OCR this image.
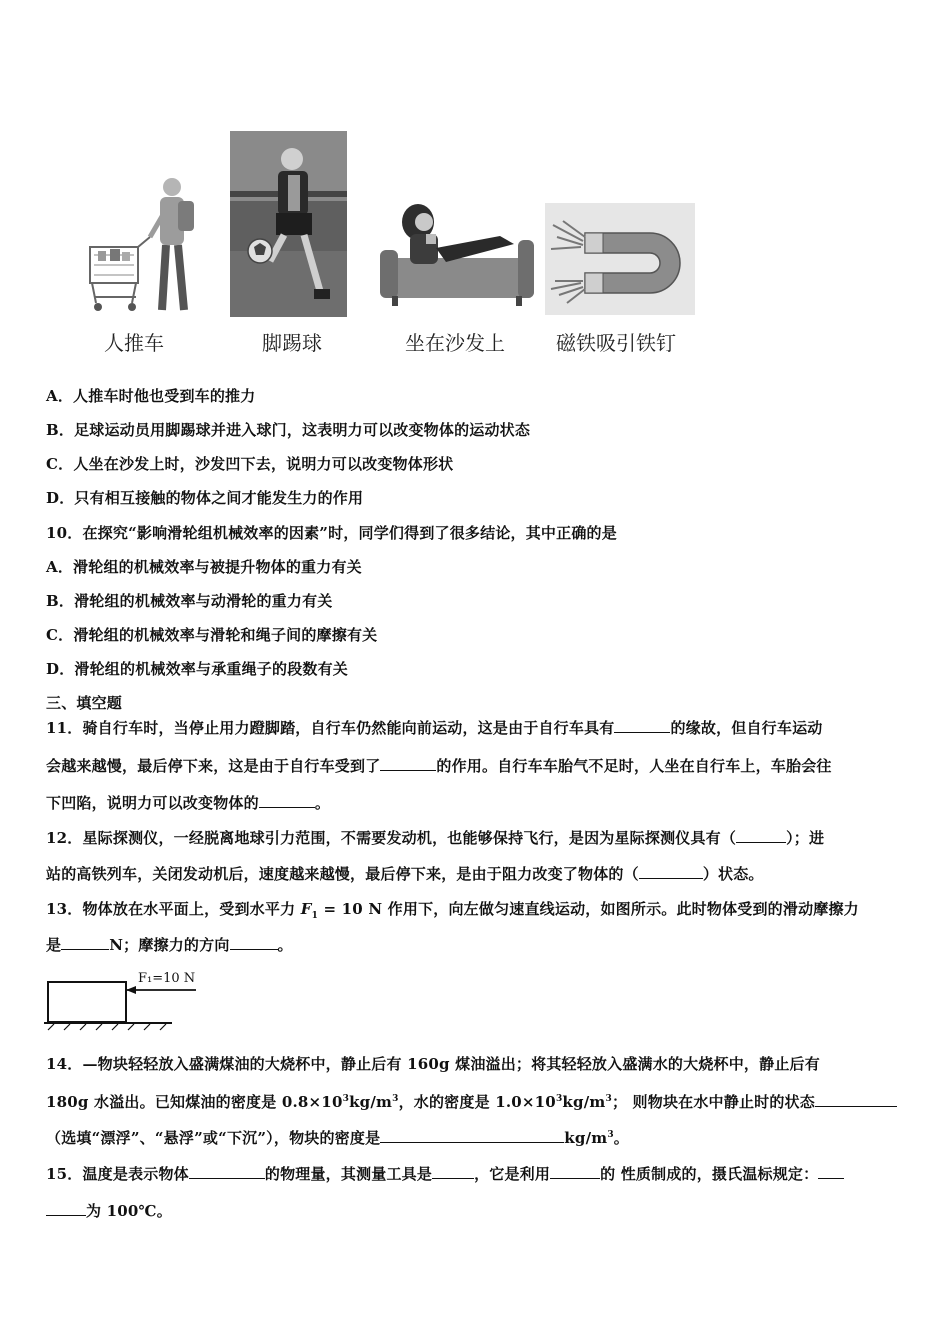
人推车	脚踢球	坐在沙发上	磁铁吸引铁钉
A．人推车时他也受到车的推力
B．足球运动员用脚踢球并进入球门，这表明力可以改变物体的运动状态
C．人坐在沙发上时，沙发凹下去，说明力可以改变物体形状
D．只有相互接触的物体之间才能发生力的作用
10．在探究“影响滑轮组机械效率的因素”时，同学们得到了很多结论，其中正确的是
A．滑轮组的机械效率与被提升物体的重力有关
B．滑轮组的机械效率与动滑轮的重力有关
C．滑轮组的机械效率与滑轮和绳子间的摩擦有关
D．滑轮组的机械效率与承重绳子的段数有关
三、填空题
11．骑自行车时，当停止用力蹬脚踏，自行车仍然能向前运动，这是由于自行车具有	的缘故，但自行车运动
会越来越慢，最后停下来，这是由于自行车受到了	的作用。自行车车胎气不足时，人坐在自行车上，车胎会往
下凹陷，说明力可以改变物体的	。
12．星际探测仪，一经脱离地球引力范围，不需要发动机，也能够保持飞行，是因为星际探测仪具有（	）；进
站的高铁列车，关闭发动机后，速度越来越慢，最后停下来，是由于阻力改变了物体的（	）状态。
13．物体放在水平面上，受到水平力 $F_1 = 10$ N 作用下，向左做匀速直线运动，如图所示。此时物体受到的滑动摩擦力
是	N；摩擦力的方向	。
F₁=10 N
14．—物块轻轻放入盛满煤油的大烧杯中，静止后有 160g 煤油溢出；将其轻轻放入盛满水的大烧杯中，静止后有
180g 水溢出。已知煤油的密度是 $0.8\times 10^3kg/m^3$，水的密度是 $1.0\times 10^3kg/m^3$； 则物块在水中静止时的状态
（选填“漂浮”、“悬浮”或“下沉”），物块的密度是	$kg/m^3$。
15．温度是表示物体	的物理量，其测量工具是	，它是利用	的 性质制成的，摄氏温标规定：
为 100℃。
